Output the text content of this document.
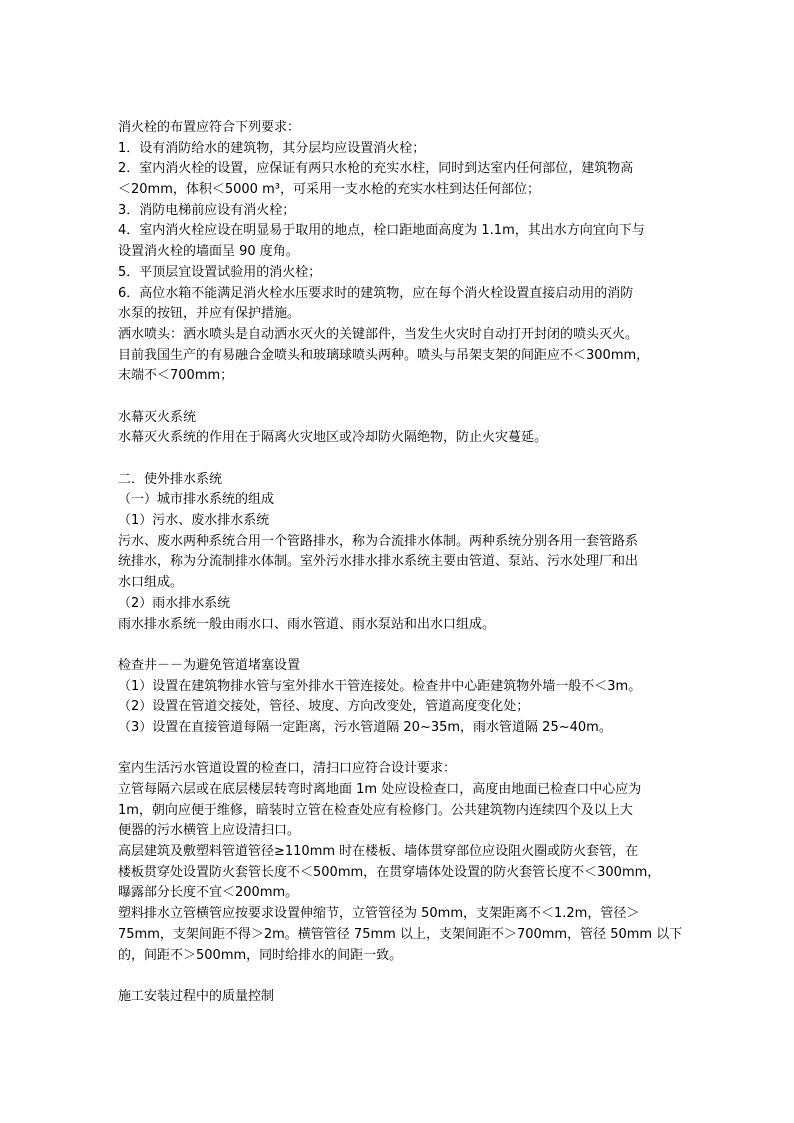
消火栓的布置应符合下列要求：
1．设有消防给水的建筑物，其分层均应设置消火栓；
2．室内消火栓的设置，应保证有两只水枪的充实水柱，同时到达室内任何部位，建筑物高
＜20mm，体积＜5000 m³，可采用一支水枪的充实水柱到达任何部位；
3．消防电梯前应设有消火栓；
4．室内消火栓应设在明显易于取用的地点，栓口距地面高度为 1.1m，其出水方向宜向下与
设置消火栓的墙面呈 90 度角。
5．平顶层宜设置试验用的消火栓；
6．高位水箱不能满足消火栓水压要求时的建筑物，应在每个消火栓设置直接启动用的消防
水泵的按钮，并应有保护措施。
洒水喷头：洒水喷头是自动洒水灭火的关键部件，当发生火灾时自动打开封闭的喷头灭火。
目前我国生产的有易融合金喷头和玻璃球喷头两种。喷头与吊架支架的间距应不＜300mm，
末端不＜700mm；
水幕灭火系统
水幕灭火系统的作用在于隔离火灾地区或冷却防火隔绝物，防止火灾蔓延。
二．使外排水系统
（一）城市排水系统的组成
（1）污水、废水排水系统
污水、废水两种系统合用一个管路排水，称为合流排水体制。两种系统分别各用一套管路系
统排水，称为分流制排水体制。室外污水排水排水系统主要由管道、泵站、污水处理厂和出
水口组成。
（2）雨水排水系统
雨水排水系统一般由雨水口、雨水管道、雨水泵站和出水口组成。
检查井－－为避免管道堵塞设置
（1）设置在建筑物排水管与室外排水干管连接处。检查井中心距建筑物外墙一般不＜3m。
（2）设置在管道交接处，管径、坡度、方向改变处，管道高度变化处；
（3）设置在直接管道每隔一定距离，污水管道隔 20~35m，雨水管道隔 25~40m。
室内生活污水管道设置的检查口，清扫口应符合设计要求：
立管每隔六层或在底层楼层转弯时离地面 1m 处应设检查口，高度由地面已检查口中心应为
1m，朝向应便于维修，暗装时立管在检查处应有检修门。公共建筑物内连续四个及以上大
便器的污水横管上应设清扫口。
高层建筑及敷塑料管道管径≥110mm 时在楼板、墙体贯穿部位应设阻火圈或防火套管，在
楼板贯穿处设置防火套管长度不＜500mm，在贯穿墙体处设置的防火套管长度不＜300mm，
曝露部分长度不宜＜200mm。
塑料排水立管横管应按要求设置伸缩节，立管管径为 50mm，支架距离不＜1.2m，管径＞
75mm，支架间距不得＞2m。横管管径 75mm 以上，支架间距不＞700mm，管径 50mm 以下
的，间距不＞500mm，同时给排水的间距一致。
施工安装过程中的质量控制
